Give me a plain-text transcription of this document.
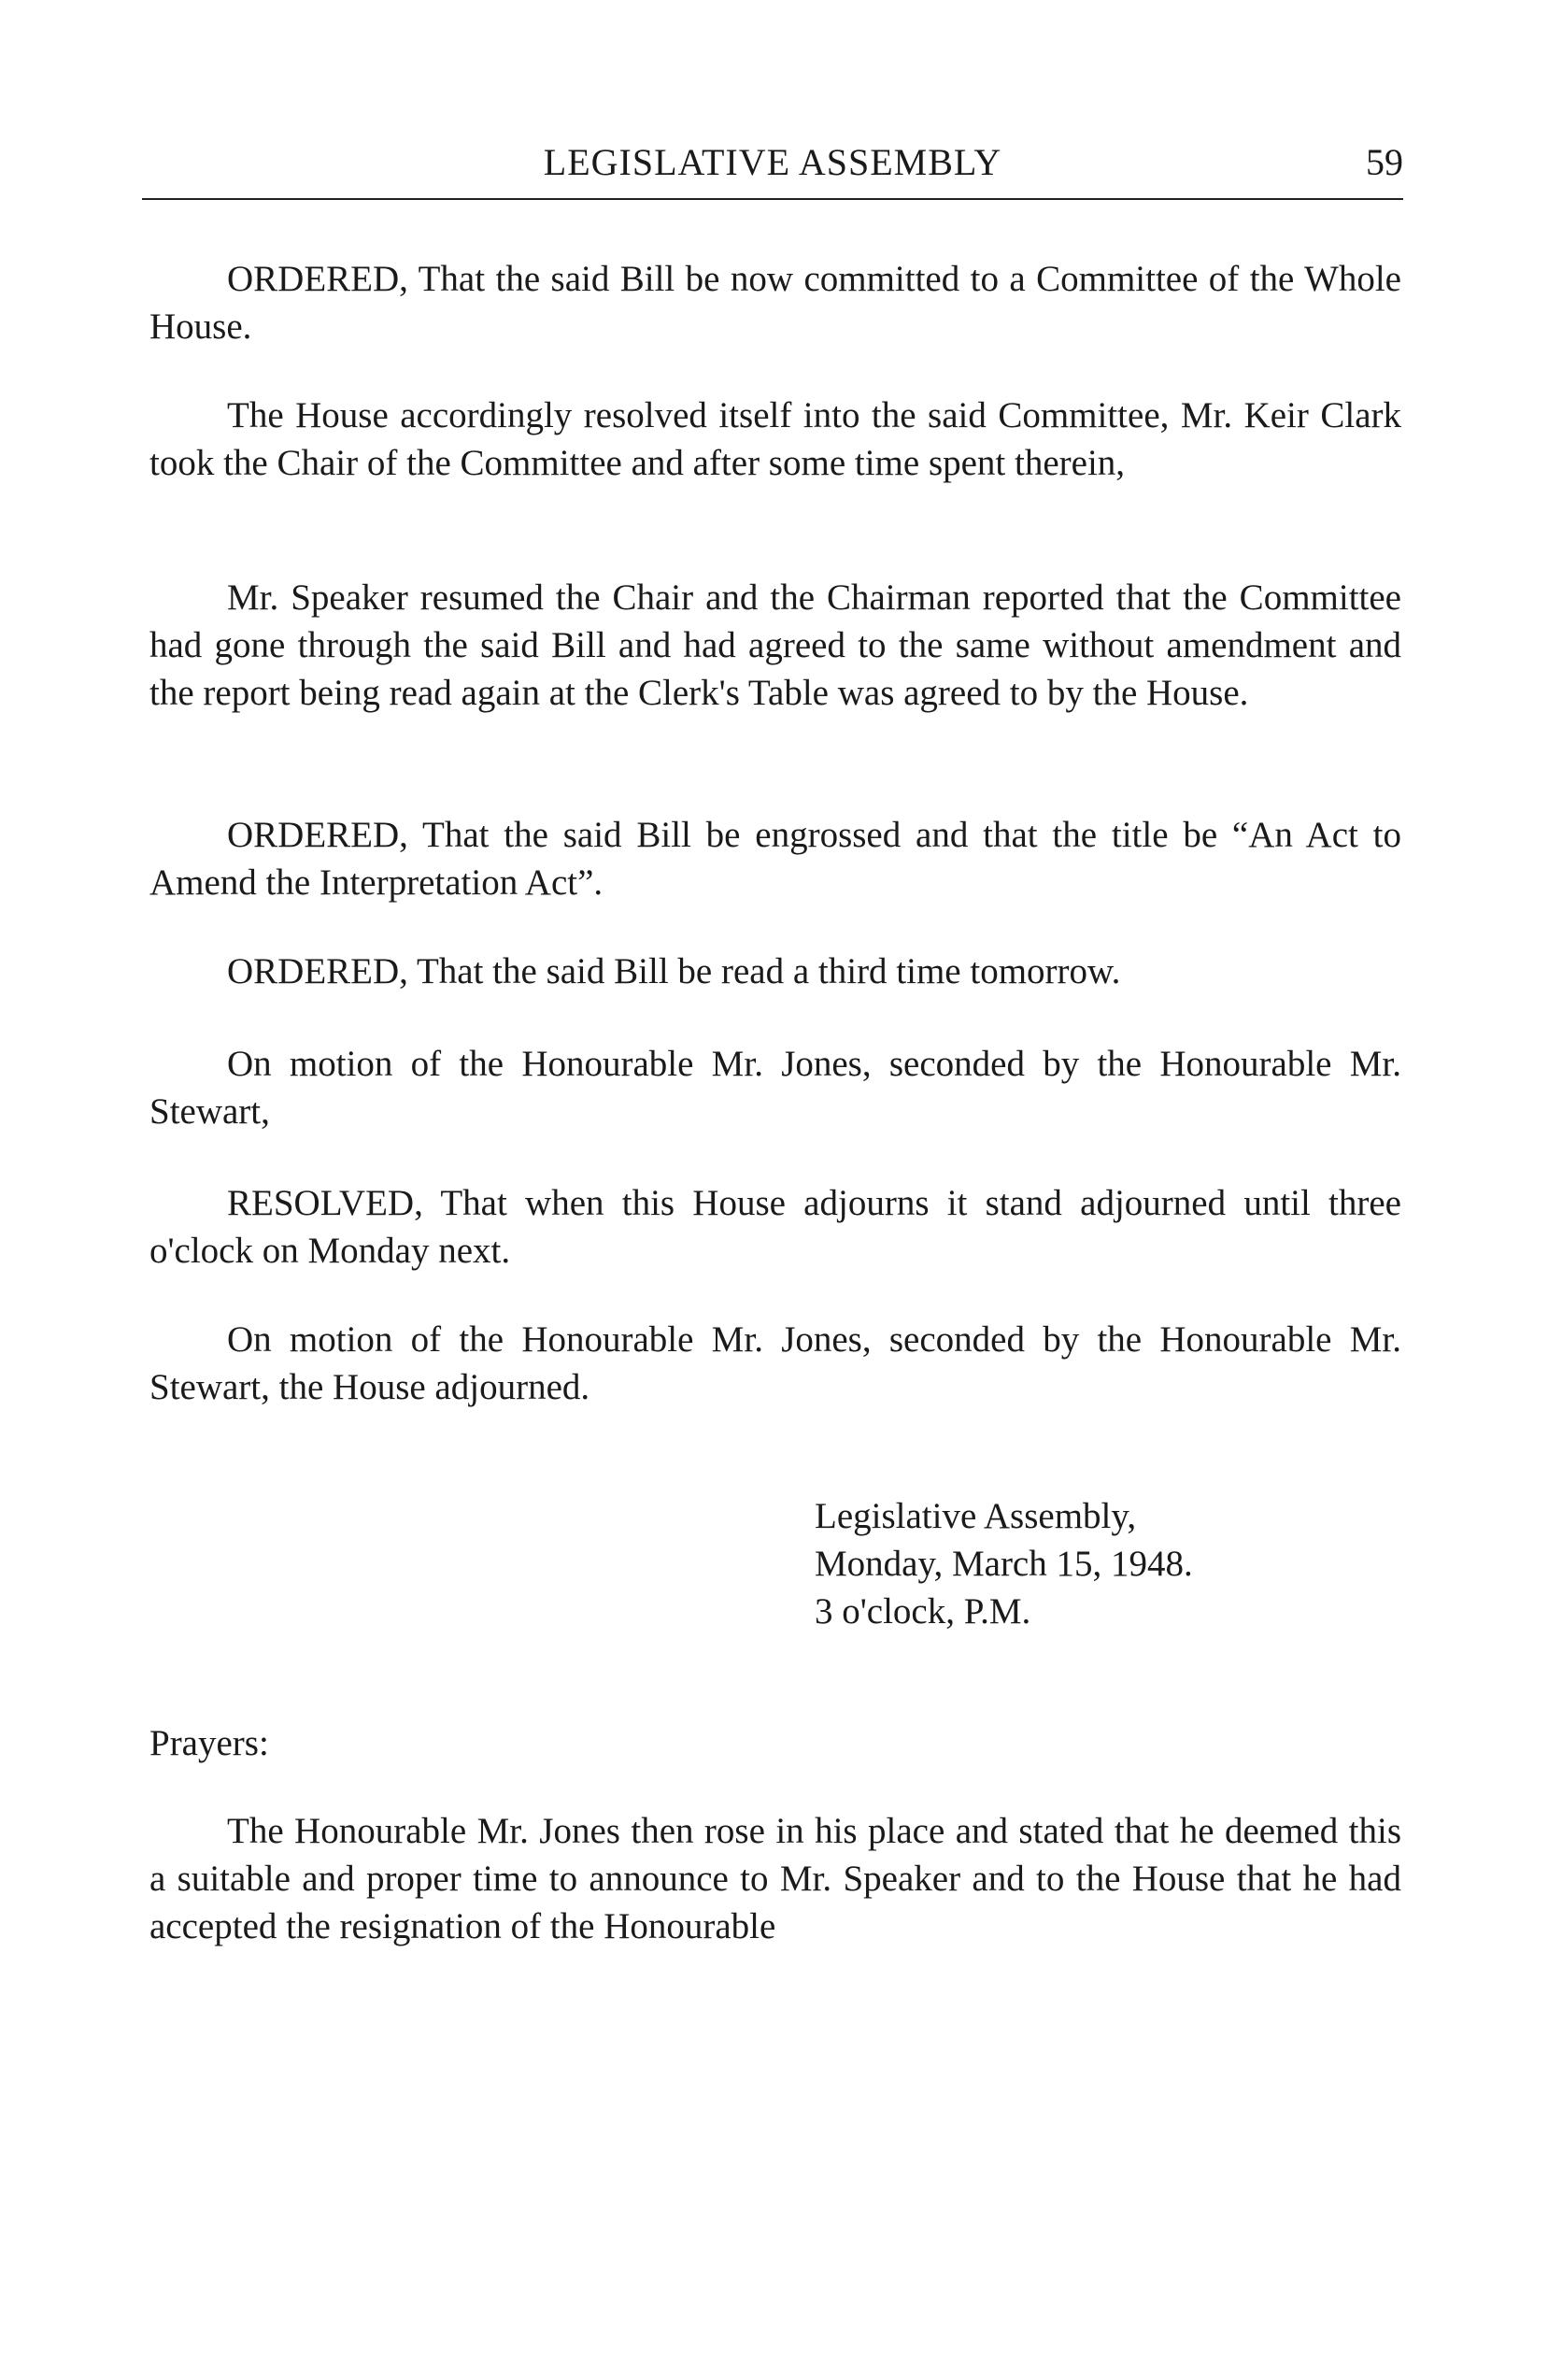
LEGISLATIVE ASSEMBLY	59

ORDERED, That the said Bill be now committed to a Committee of the Whole House.

The House accordingly resolved itself into the said Committee, Mr. Keir Clark took the Chair of the Committee and after some time spent therein,

Mr. Speaker resumed the Chair and the Chairman reported that the Committee had gone through the said Bill and had agreed to the same without amendment and the report being read again at the Clerk's Table was agreed to by the House.

ORDERED, That the said Bill be engrossed and that the title be “An Act to Amend the Interpretation Act”.

ORDERED, That the said Bill be read a third time tomorrow.

On motion of the Honourable Mr. Jones, seconded by the Honourable Mr. Stewart,

RESOLVED, That when this House adjourns it stand adjourned until three o'clock on Monday next.

On motion of the Honourable Mr. Jones, seconded by the Honourable Mr. Stewart, the House adjourned.

Legislative Assembly,
Monday, March 15, 1948.
3 o'clock, P.M.

Prayers:

The Honourable Mr. Jones then rose in his place and stated that he deemed this a suitable and proper time to announce to Mr. Speaker and to the House that he had accepted the resignation of the Honourable
